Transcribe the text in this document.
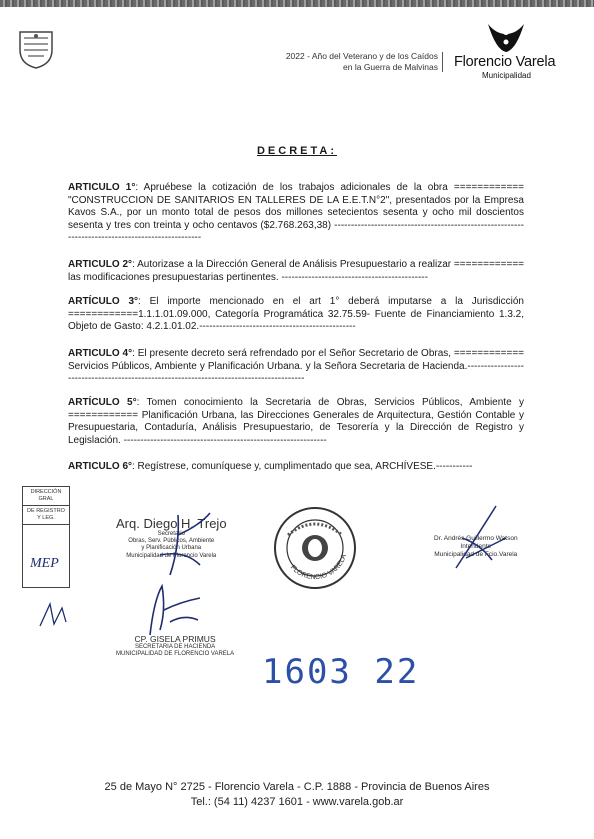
2022 - Año del Veterano y de los Caídos
en la Guerra de Malvinas Florencio Varela
Municipalidad
DECRETA:
ARTICULO 1°: Apruébese la cotización de los trabajos adicionales de la obra ============ "CONSTRUCCION DE SANITARIOS EN TALLERES DE LA E.E.T.N°2", presentados por la Empresa Kavos S.A., por un monto total de pesos dos millones setecientos sesenta y ocho mil doscientos sesenta y tres con treinta y ocho centavos ($2.768.263,38) -------------------------------------------------------------------------------------------------
ARTICULO 2°: Autorizase a la Dirección General de Análisis Presupuestario a realizar ============ las modificaciones presupuestarias pertinentes. --------------------------------------------
ARTÍCULO 3°: El importe mencionado en el art 1° deberá imputarse a la Jurisdicción ============1.1.1.01.09.000, Categoría Programática 32.75.59- Fuente de Financiamiento 1.3.2, Objeto de Gasto: 4.2.1.01.02.-----------------------------------------------
ARTICULO 4°: El presente decreto será refrendado por el Señor Secretario de Obras, ============ Servicios Públicos, Ambiente y Planificación Urbana. y la Señora Secretaria de Hacienda.----------------------------------------------------------------------------------------
ARTÍCULO 5°: Tomen conocimiento la Secretaria de Obras, Servicios Públicos, Ambiente y ============ Planificación Urbana, las Direcciones Generales de Arquitectura, Gestión Contable y Presupuestaria, Contaduría, Análisis Presupuestario, de Tesorería y la Dirección de Registro y Legislación. -------------------------------------------------------------
ARTICULO 6°: Regístrese, comuníquese y, cumplimentado que sea, ARCHÍVESE.-----------
DIRECCIÓN GRAL
DE REGISTRO Y LEG.
MEP
Arq. Diego H. Trejo
Secretario
Obras, Serv. Públicos, Ambiente
y Planificación Urbana
Municipalidad de Florencio Varela
CP. GISELA PRIMUS
SECRETARIA DE HACIENDA
MUNICIPALIDAD DE FLORENCIO VARELA
FLORENCIO VARELA
Dr. Andrés Guillermo Watson
Intendente
Municipalidad de Fcio.Varela
1603 22
25 de Mayo N° 2725 - Florencio Varela - C.P. 1888 - Provincia de Buenos Aires
Tel.: (54 11) 4237 1601 - www.varela.gob.ar
